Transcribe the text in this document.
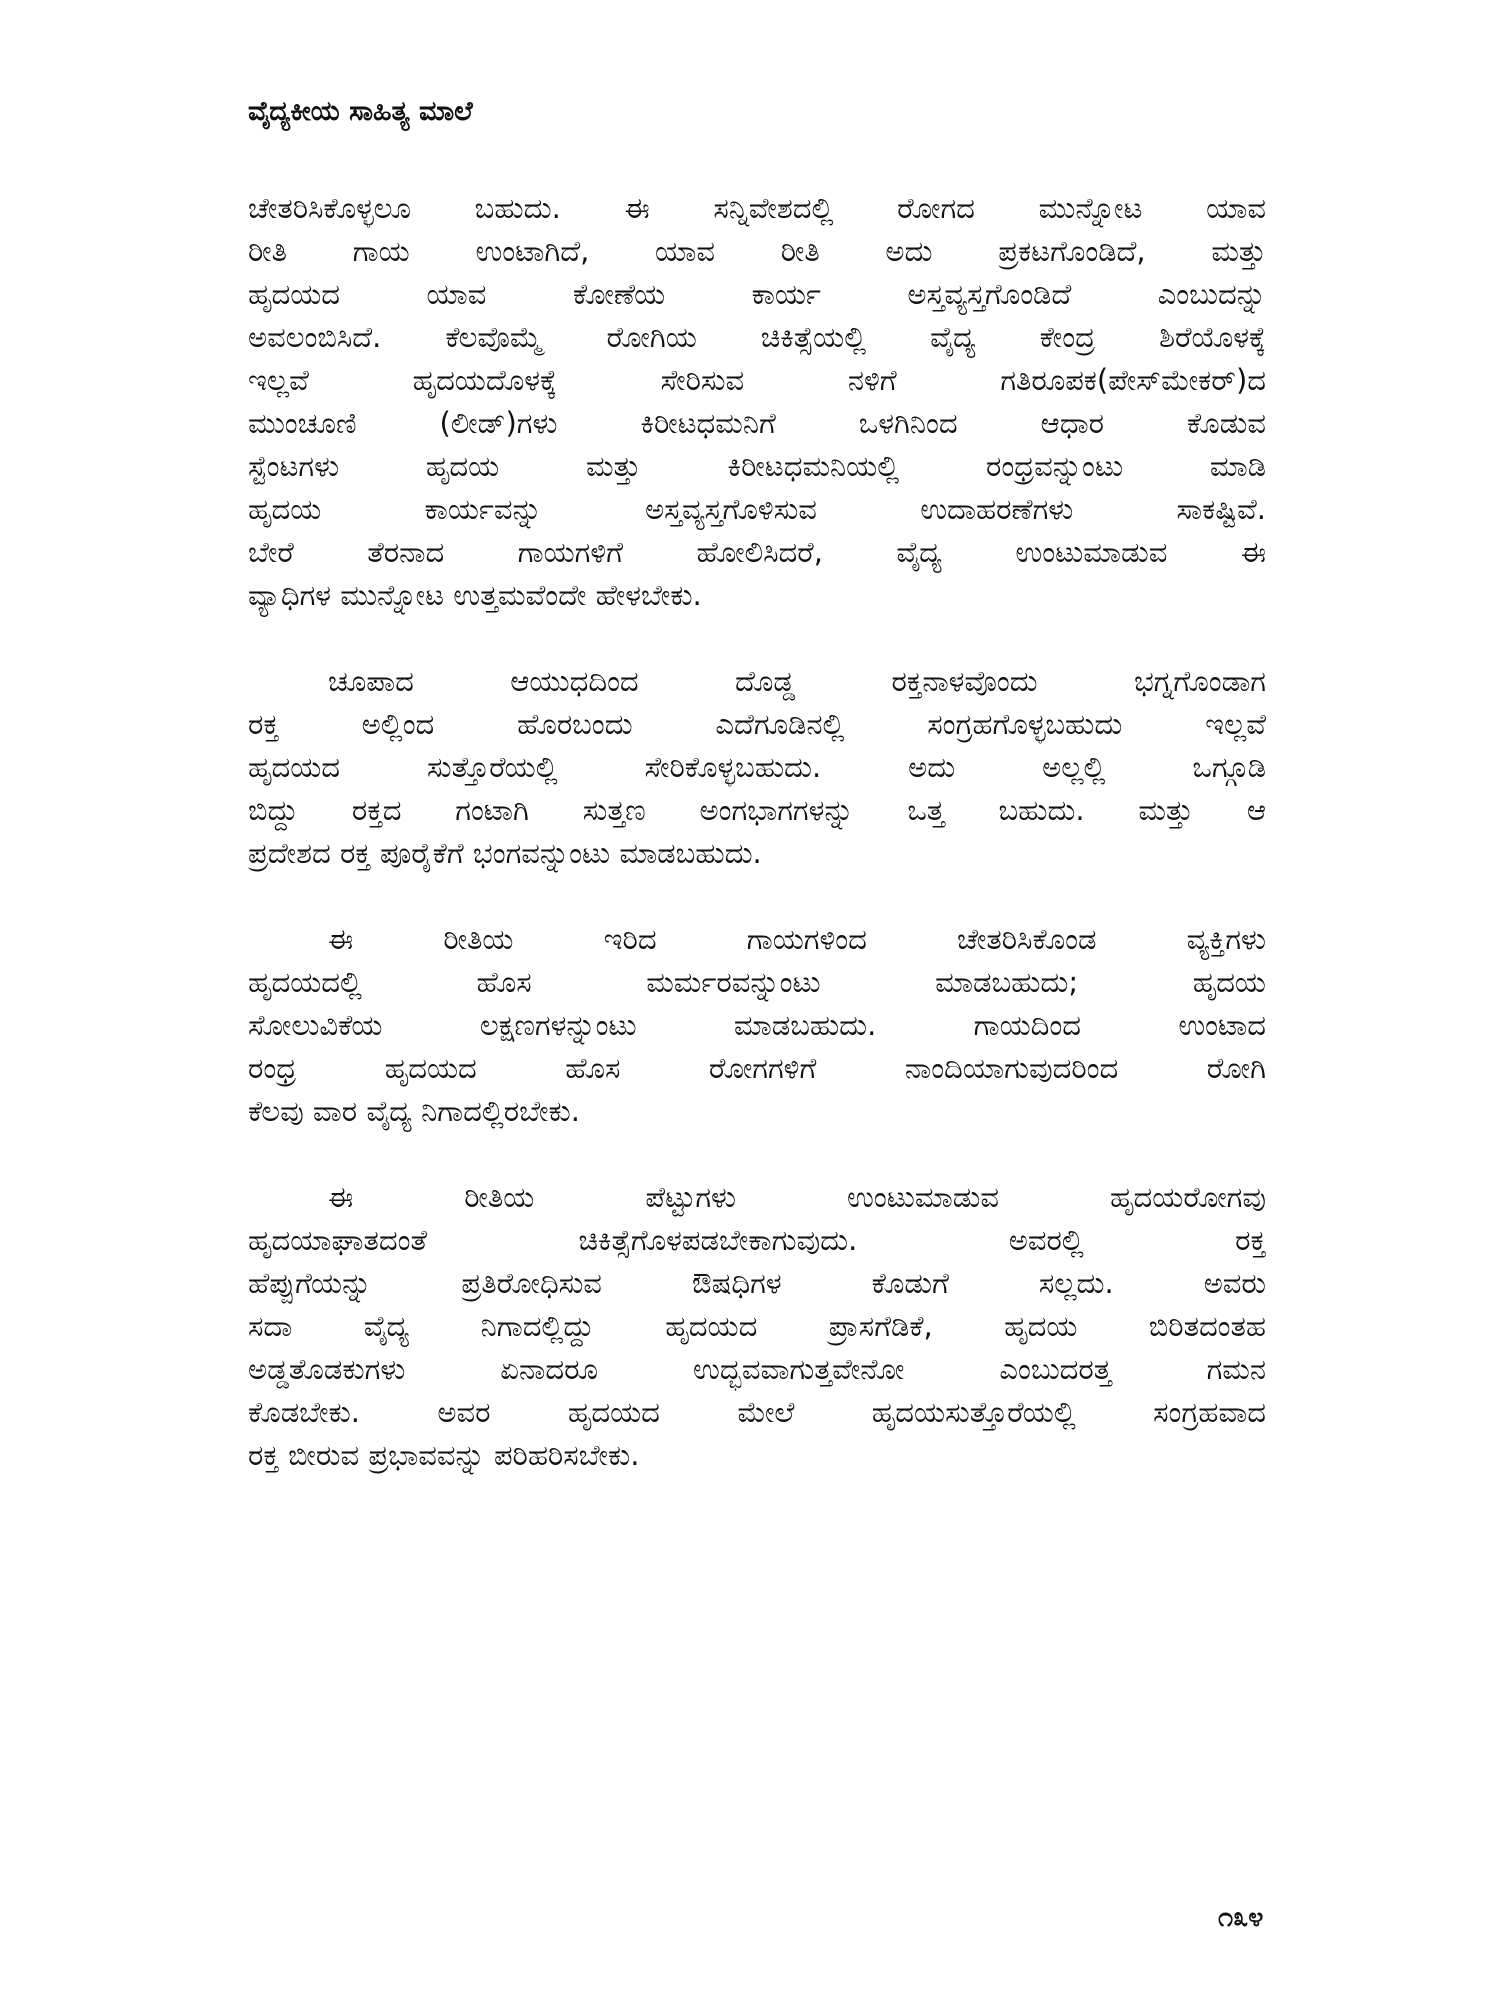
ವೈದ್ಯಕೀಯ ಸಾಹಿತ್ಯ ಮಾಲೆ
ಚೇತರಿಸಿಕೊಳ್ಳಲೂ ಬಹುದು. ಈ ಸನ್ನಿವೇಶದಲ್ಲಿ ರೋಗದ ಮುನ್ನೋಟ ಯಾವ
ರೀತಿ ಗಾಯ ಉಂಟಾಗಿದೆ, ಯಾವ ರೀತಿ ಅದು ಪ್ರಕಟಗೊಂಡಿದೆ, ಮತ್ತು
ಹೃದಯದ ಯಾವ ಕೋಣೆಯ ಕಾರ್ಯ ಅಸ್ತವ್ಯಸ್ತಗೊಂಡಿದೆ ಎಂಬುದನ್ನು
ಅವಲಂಬಿಸಿದೆ. ಕೆಲವೊಮ್ಮೆ ರೋಗಿಯ ಚಿಕಿತ್ಸೆಯಲ್ಲಿ ವೈದ್ಯ ಕೇಂದ್ರ ಶಿರೆಯೊಳಕ್ಕೆ
ಇಲ್ಲವೆ ಹೃದಯದೊಳಕ್ಕೆ ಸೇರಿಸುವ ನಳಿಗೆ ಗತಿರೂಪಕ(ಪೇಸ್‌ಮೇಕರ್)ದ
ಮುಂಚೂಣಿ (ಲೀಡ್)ಗಳು ಕಿರೀಟಧಮನಿಗೆ ಒಳಗಿನಿಂದ ಆಧಾರ ಕೊಡುವ
ಸ್ಟೆಂಟಗಳು ಹೃದಯ ಮತ್ತು ಕಿರೀಟಧಮನಿಯಲ್ಲಿ ರಂಧ್ರವನ್ನುಂಟು ಮಾಡಿ
ಹೃದಯ ಕಾರ್ಯವನ್ನು ಅಸ್ತವ್ಯಸ್ತಗೊಳಿಸುವ ಉದಾಹರಣೆಗಳು ಸಾಕಷ್ಟಿವೆ.
ಬೇರೆ ತೆರನಾದ ಗಾಯಗಳಿಗೆ ಹೋಲಿಸಿದರೆ, ವೈದ್ಯ ಉಂಟುಮಾಡುವ ಈ
ವ್ಯಾಧಿಗಳ ಮುನ್ನೋಟ ಉತ್ತಮವೆಂದೇ ಹೇಳಬೇಕು.
ಚೂಪಾದ ಆಯುಧದಿಂದ ದೊಡ್ಡ ರಕ್ತನಾಳವೊಂದು ಭಗ್ನಗೊಂಡಾಗ
ರಕ್ತ ಅಲ್ಲಿಂದ ಹೊರಬಂದು ಎದೆಗೂಡಿನಲ್ಲಿ ಸಂಗ್ರಹಗೊಳ್ಳಬಹುದು ಇಲ್ಲವೆ
ಹೃದಯದ ಸುತ್ತೊರೆಯಲ್ಲಿ ಸೇರಿಕೊಳ್ಳಬಹುದು. ಅದು ಅಲ್ಲಲ್ಲಿ ಒಗ್ಗೂಡಿ
ಬಿದ್ದು ರಕ್ತದ ಗಂಟಾಗಿ ಸುತ್ತಣ ಅಂಗಭಾಗಗಳನ್ನು ಒತ್ತ ಬಹುದು. ಮತ್ತು ಆ
ಪ್ರದೇಶದ ರಕ್ತ ಪೂರೈಕೆಗೆ ಭಂಗವನ್ನುಂಟು ಮಾಡಬಹುದು.
ಈ ರೀತಿಯ ಇರಿದ ಗಾಯಗಳಿಂದ ಚೇತರಿಸಿಕೊಂಡ ವ್ಯಕ್ತಿಗಳು
ಹೃದಯದಲ್ಲಿ ಹೊಸ ಮರ್ಮರವನ್ನುಂಟು ಮಾಡಬಹುದು; ಹೃದಯ
ಸೋಲುವಿಕೆಯ ಲಕ್ಷಣಗಳನ್ನುಂಟು ಮಾಡಬಹುದು. ಗಾಯದಿಂದ ಉಂಟಾದ
ರಂಧ್ರ ಹೃದಯದ ಹೊಸ ರೋಗಗಳಿಗೆ ನಾಂದಿಯಾಗುವುದರಿಂದ ರೋಗಿ
ಕೆಲವು ವಾರ ವೈದ್ಯ ನಿಗಾದಲ್ಲಿರಬೇಕು.
ಈ ರೀತಿಯ ಪೆಟ್ಟುಗಳು ಉಂಟುಮಾಡುವ ಹೃದಯರೋಗವು
ಹೃದಯಾಘಾತದಂತೆ ಚಿಕಿತ್ಸೆಗೊಳಪಡಬೇಕಾಗುವುದು. ಅವರಲ್ಲಿ ರಕ್ತ
ಹೆಪ್ಪುಗೆಯನ್ನು ಪ್ರತಿರೋಧಿಸುವ ಔಷಧಿಗಳ ಕೊಡುಗೆ ಸಲ್ಲದು. ಅವರು
ಸದಾ ವೈದ್ಯ ನಿಗಾದಲ್ಲಿದ್ದು ಹೃದಯದ ಪ್ರಾಸಗೆಡಿಕೆ, ಹೃದಯ ಬಿರಿತದಂತಹ
ಅಡ್ಡತೊಡಕುಗಳು ಏನಾದರೂ ಉದ್ಭವವಾಗುತ್ತವೇನೋ ಎಂಬುದರತ್ತ ಗಮನ
ಕೊಡಬೇಕು. ಅವರ ಹೃದಯದ ಮೇಲೆ ಹೃದಯಸುತ್ತೊರೆಯಲ್ಲಿ ಸಂಗ್ರಹವಾದ
ರಕ್ತ ಬೀರುವ ಪ್ರಭಾವವನ್ನು ಪರಿಹರಿಸಬೇಕು.
೧೩೪
